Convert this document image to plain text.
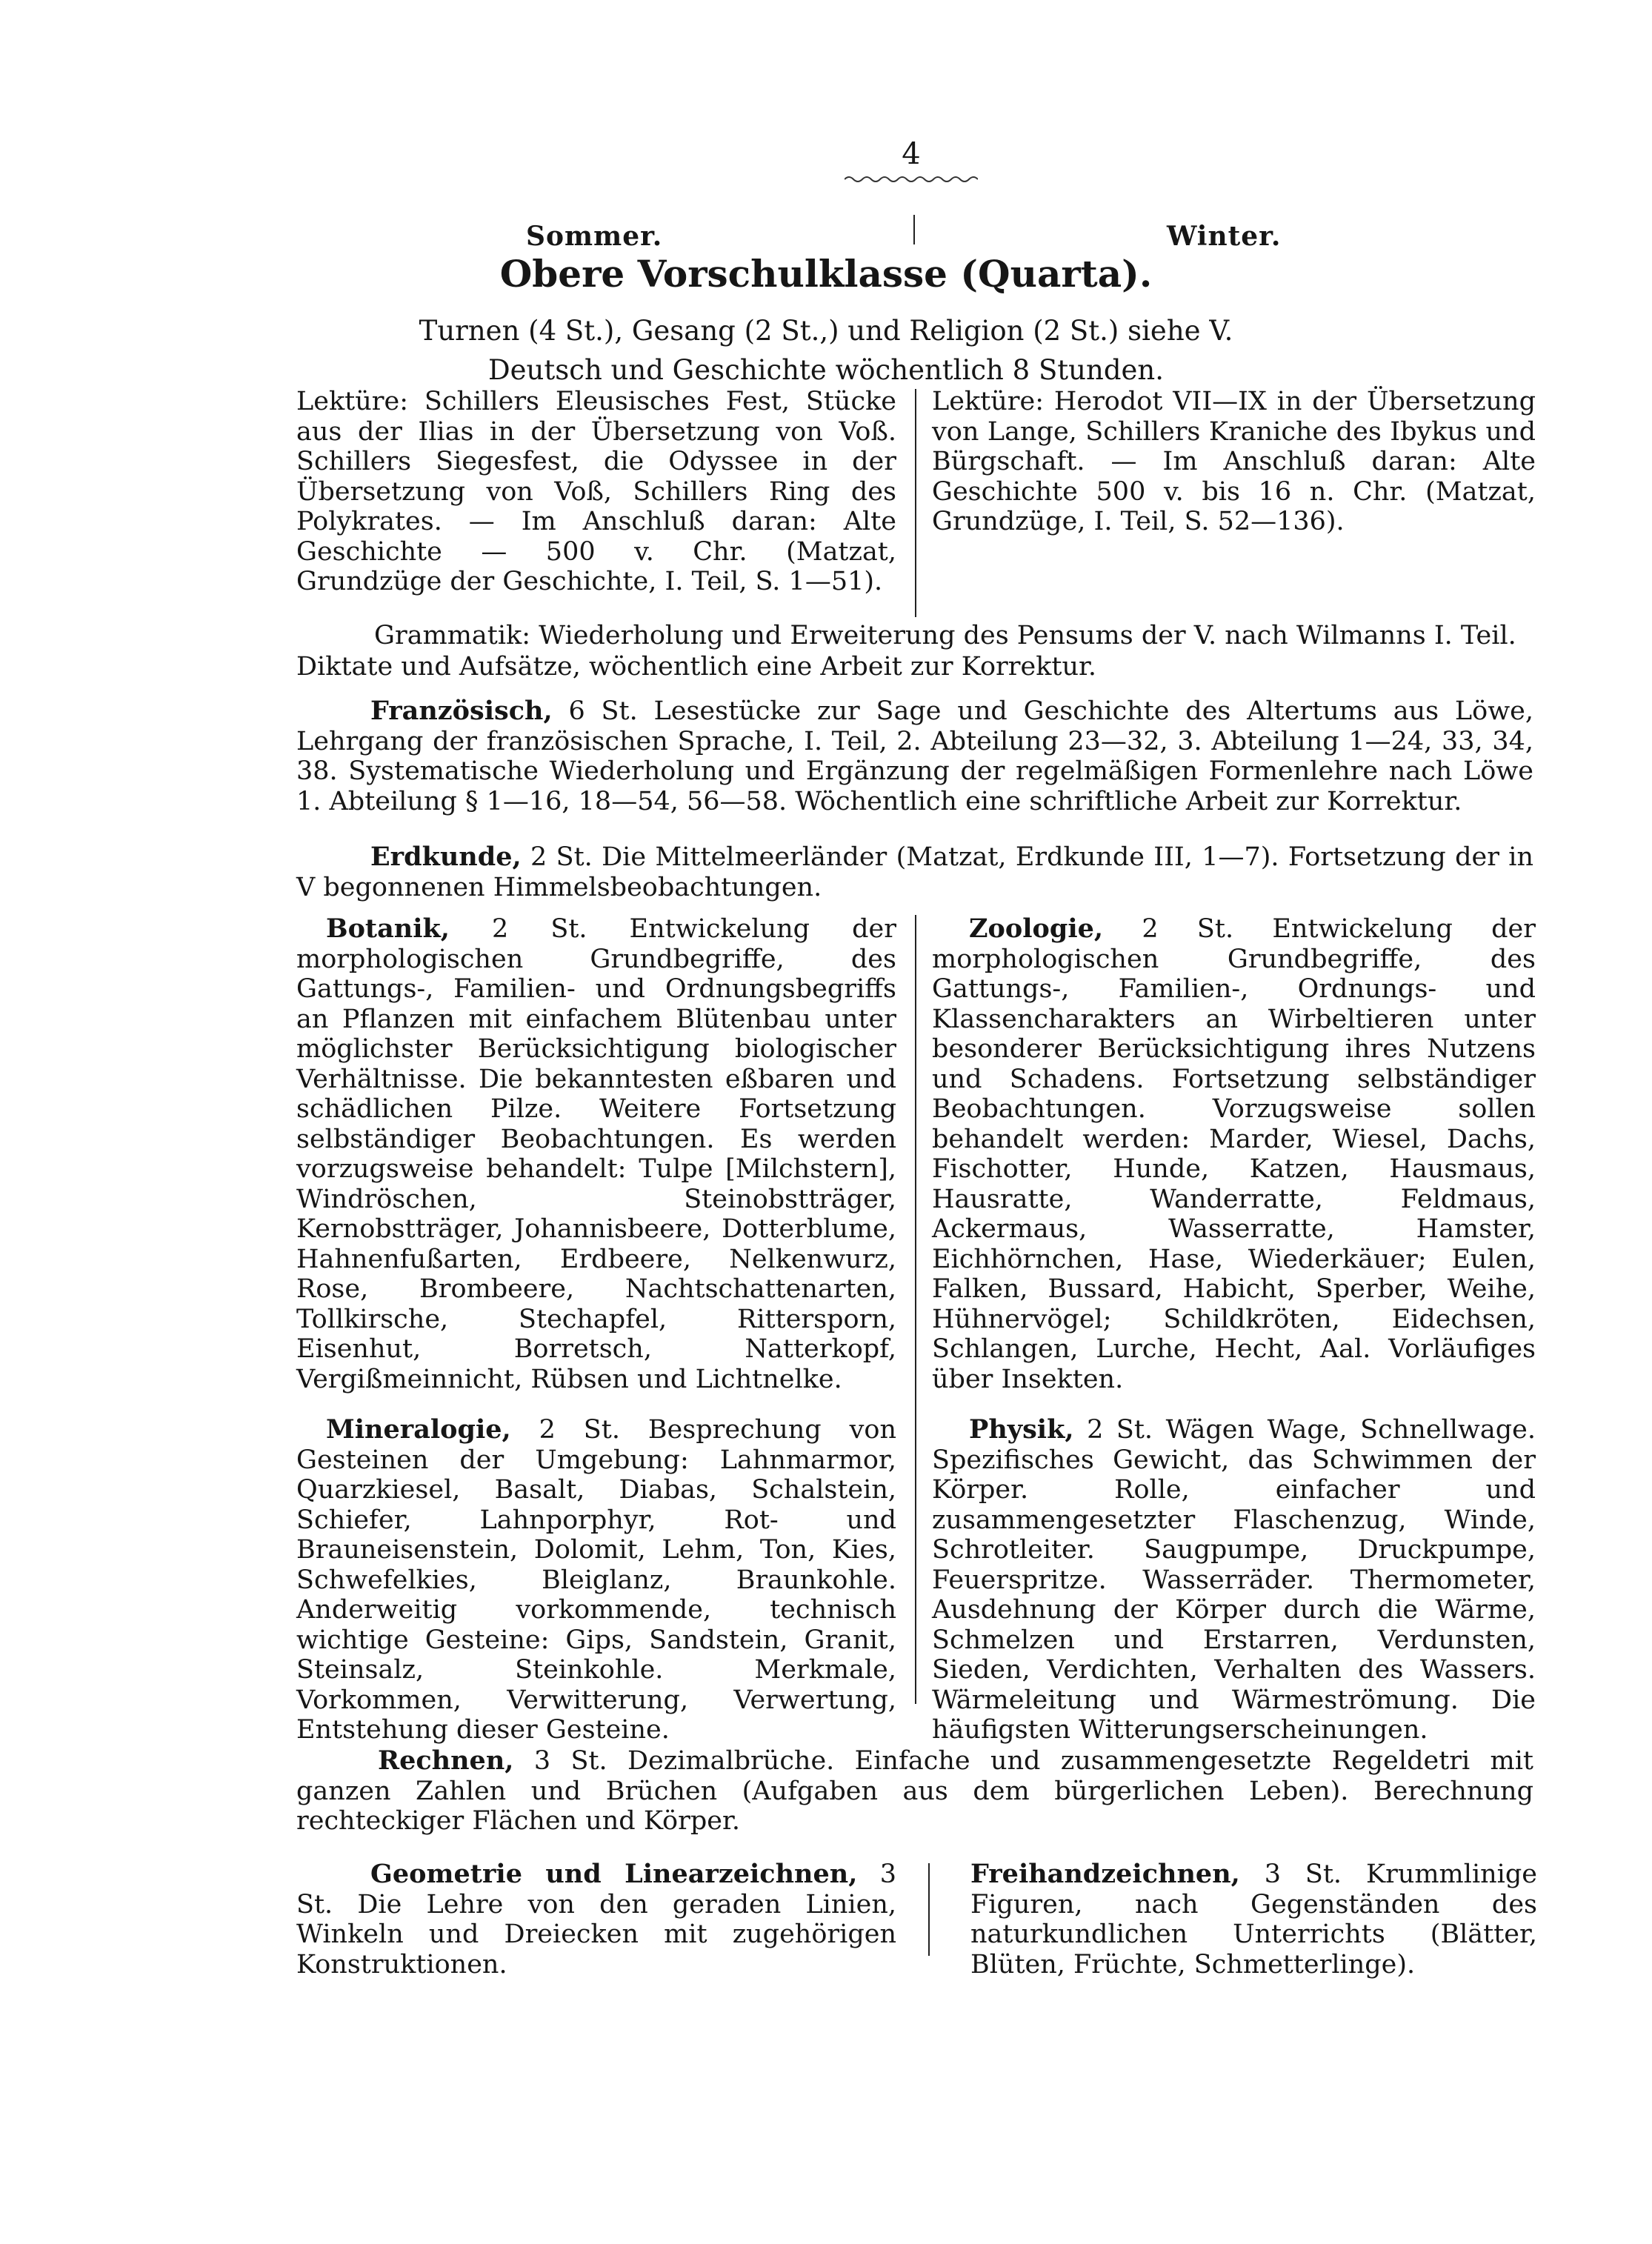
4
Sommer.	Winter.
Obere Vorschulklasse (Quarta).
Turnen (4 St.), Gesang (2 St.,) und Religion (2 St.) siehe V.
Deutsch und Geschichte wöchentlich 8 Stunden.
Lektüre: Schillers Eleusisches Fest, Stücke aus der Ilias in der Übersetzung von Voß. Schillers Siegesfest, die Odyssee in der Übersetzung von Voß, Schillers Ring des Polykrates. — Im Anschluß daran: Alte Geschichte — 500 v. Chr. (Matzat, Grundzüge der Geschichte, I. Teil, S. 1—51).
Lektüre: Herodot VII—IX in der Übersetzung von Lange, Schillers Kraniche des Ibykus und Bürgschaft. — Im Anschluß daran: Alte Geschichte 500 v. bis 16 n. Chr. (Matzat, Grundzüge, I. Teil, S. 52—136).
Grammatik: Wiederholung und Erweiterung des Pensums der V. nach Wilmanns I. Teil.
Diktate und Aufsätze, wöchentlich eine Arbeit zur Korrektur.
Französisch, 6 St. Lesestücke zur Sage und Geschichte des Altertums aus Löwe, Lehrgang der französischen Sprache, I. Teil, 2. Abteilung 23—32, 3. Abteilung 1—24, 33, 34, 38. Systematische Wiederholung und Ergänzung der regelmäßigen Formenlehre nach Löwe 1. Abteilung § 1—16, 18—54, 56—58. Wöchentlich eine schriftliche Arbeit zur Korrektur.
Erdkunde, 2 St. Die Mittelmeerländer (Matzat, Erdkunde III, 1—7). Fortsetzung der in V begonnenen Himmelsbeobachtungen.
Botanik, 2 St. Entwickelung der morphologischen Grundbegriffe, des Gattungs-, Familien- und Ordnungsbegriffs an Pflanzen mit einfachem Blütenbau unter möglichster Berücksichtigung biologischer Verhältnisse. Die bekanntesten eßbaren und schädlichen Pilze. Weitere Fortsetzung selbständiger Beobachtungen. Es werden vorzugsweise behandelt: Tulpe [Milchstern], Windröschen, Steinobstträger, Kernobstträger, Johannisbeere, Dotterblume, Hahnenfußarten, Erdbeere, Nelkenwurz, Rose, Brombeere, Nachtschattenarten, Tollkirsche, Stechapfel, Rittersporn, Eisenhut, Borretsch, Natterkopf, Vergißmeinnicht, Rübsen und Lichtnelke.
Zoologie, 2 St. Entwickelung der morphologischen Grundbegriffe, des Gattungs-, Familien-, Ordnungs- und Klassencharakters an Wirbeltieren unter besonderer Berücksichtigung ihres Nutzens und Schadens. Fortsetzung selbständiger Beobachtungen. Vorzugsweise sollen behandelt werden: Marder, Wiesel, Dachs, Fischotter, Hunde, Katzen, Hausmaus, Hausratte, Wanderratte, Feldmaus, Ackermaus, Wasserratte, Hamster, Eichhörnchen, Hase, Wiederkäuer; Eulen, Falken, Bussard, Habicht, Sperber, Weihe, Hühnervögel; Schildkröten, Eidechsen, Schlangen, Lurche, Hecht, Aal. Vorläufiges über Insekten.
Mineralogie, 2 St. Besprechung von Gesteinen der Umgebung: Lahnmarmor, Quarzkiesel, Basalt, Diabas, Schalstein, Schiefer, Lahnporphyr, Rot- und Brauneisenstein, Dolomit, Lehm, Ton, Kies, Schwefelkies, Bleiglanz, Braunkohle. Anderweitig vorkommende, technisch wichtige Gesteine: Gips, Sandstein, Granit, Steinsalz, Steinkohle. Merkmale, Vorkommen, Verwitterung, Verwertung, Entstehung dieser Gesteine.
Physik, 2 St. Wägen Wage, Schnellwage. Spezifisches Gewicht, das Schwimmen der Körper. Rolle, einfacher und zusammengesetzter Flaschenzug, Winde, Schrotleiter. Saugpumpe, Druckpumpe, Feuerspritze. Wasserräder. Thermometer, Ausdehnung der Körper durch die Wärme, Schmelzen und Erstarren, Verdunsten, Sieden, Verdichten, Verhalten des Wassers. Wärmeleitung und Wärmeströmung. Die häufigsten Witterungserscheinungen.
Rechnen, 3 St. Dezimalbrüche. Einfache und zusammengesetzte Regeldetri mit ganzen Zahlen und Brüchen (Aufgaben aus dem bürgerlichen Leben). Berechnung rechteckiger Flächen und Körper.
Geometrie und Linearzeichnen, 3 St. Die Lehre von den geraden Linien, Winkeln und Dreiecken mit zugehörigen Konstruktionen.
Freihandzeichnen, 3 St. Krummlinige Figuren, nach Gegenständen des naturkundlichen Unterrichts (Blätter, Blüten, Früchte, Schmetterlinge).
